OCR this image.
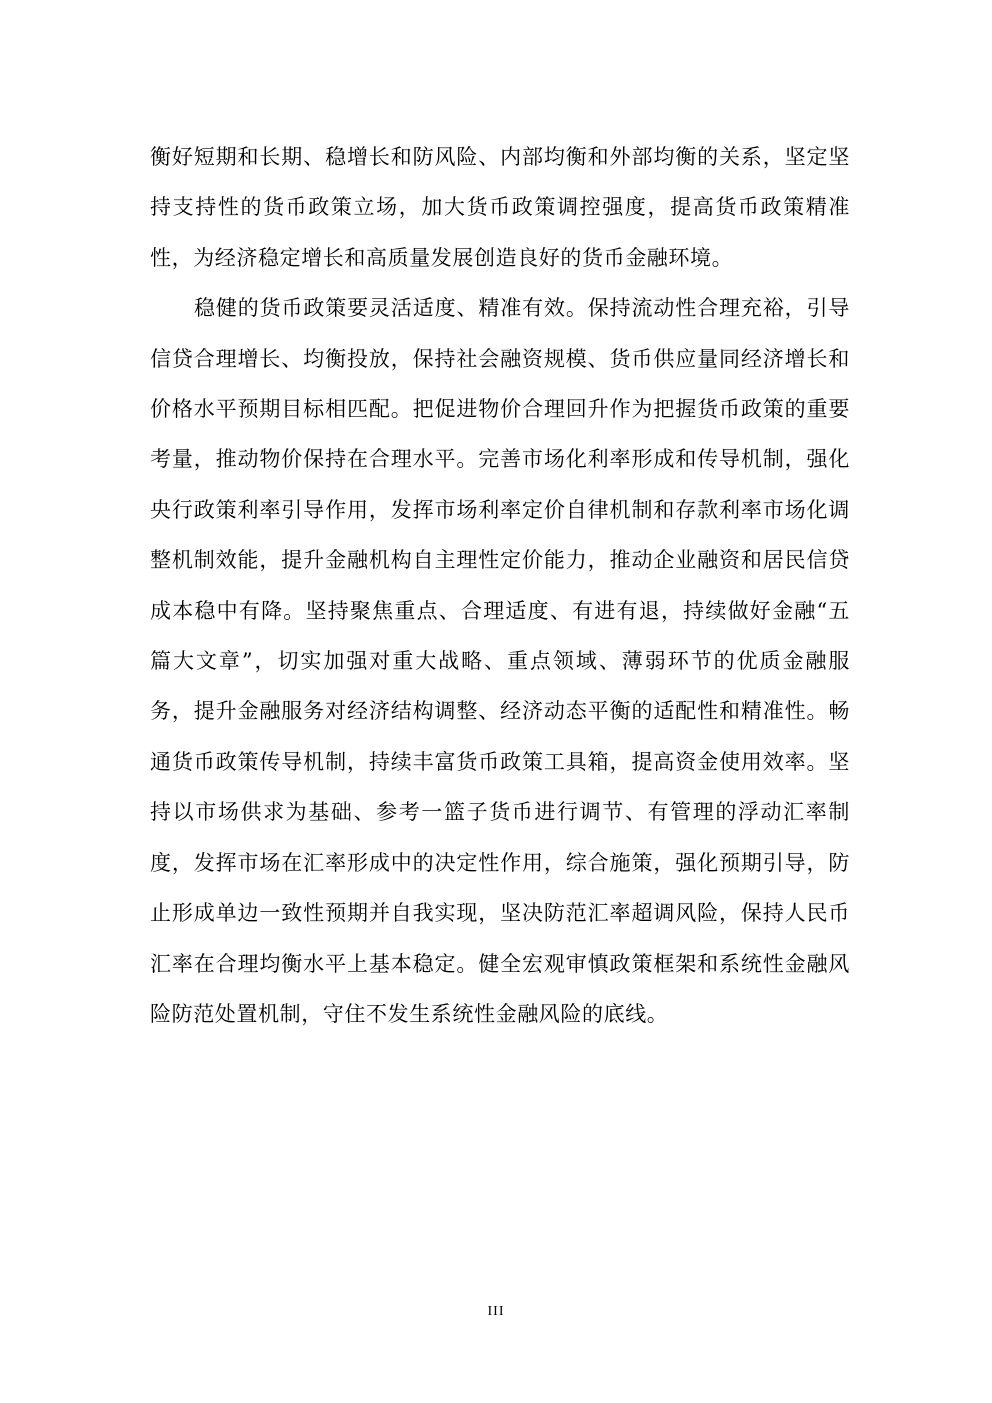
衡好短期和长期、稳增长和防风险、内部均衡和外部均衡的关系，坚定坚持支持性的货币政策立场，加大货币政策调控强度，提高货币政策精准性，为经济稳定增长和高质量发展创造良好的货币金融环境。

稳健的货币政策要灵活适度、精准有效。保持流动性合理充裕，引导信贷合理增长、均衡投放，保持社会融资规模、货币供应量同经济增长和价格水平预期目标相匹配。把促进物价合理回升作为把握货币政策的重要考量，推动物价保持在合理水平。完善市场化利率形成和传导机制，强化央行政策利率引导作用，发挥市场利率定价自律机制和存款利率市场化调整机制效能，提升金融机构自主理性定价能力，推动企业融资和居民信贷成本稳中有降。坚持聚焦重点、合理适度、有进有退，持续做好金融“五篇大文章”，切实加强对重大战略、重点领域、薄弱环节的优质金融服务，提升金融服务对经济结构调整、经济动态平衡的适配性和精准性。畅通货币政策传导机制，持续丰富货币政策工具箱，提高资金使用效率。坚持以市场供求为基础、参考一篮子货币进行调节、有管理的浮动汇率制度，发挥市场在汇率形成中的决定性作用，综合施策，强化预期引导，防止形成单边一致性预期并自我实现，坚决防范汇率超调风险，保持人民币汇率在合理均衡水平上基本稳定。健全宏观审慎政策框架和系统性金融风险防范处置机制，守住不发生系统性金融风险的底线。

III
